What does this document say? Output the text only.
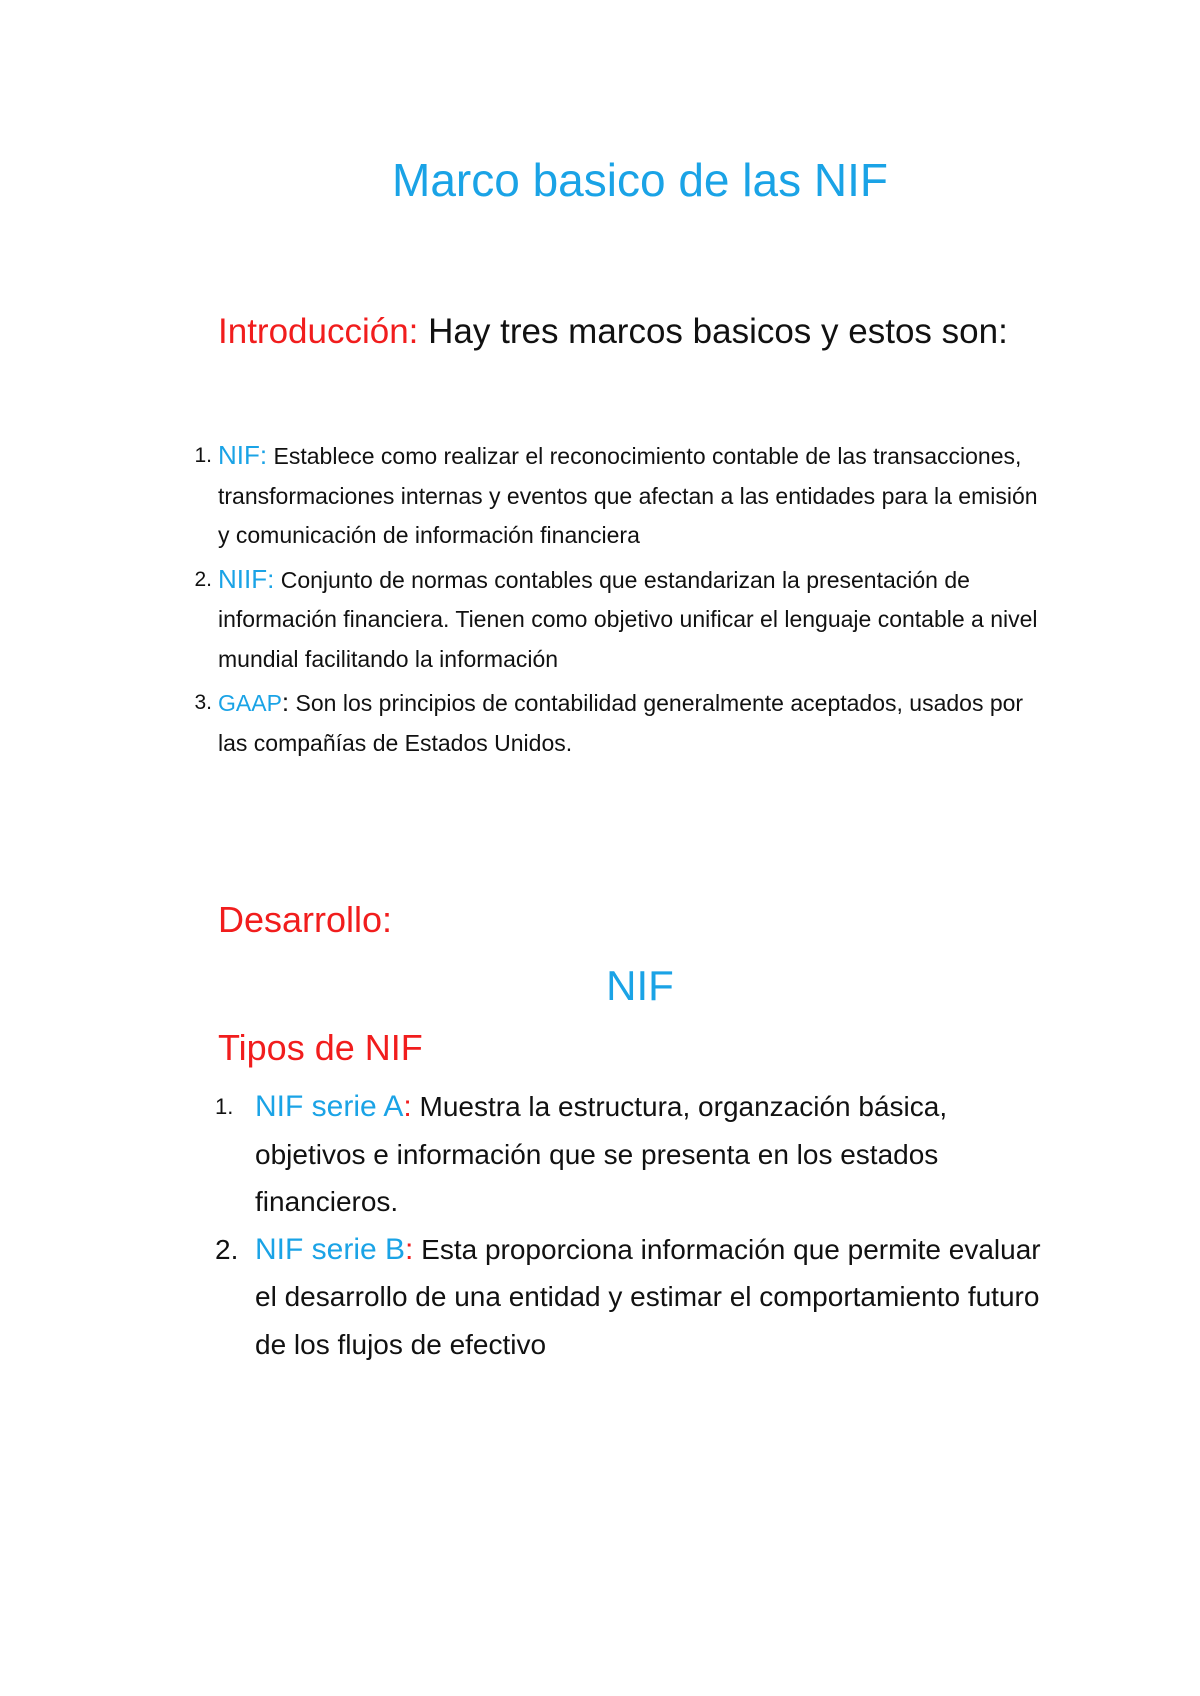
Marco basico de las NIF
Introducción: Hay tres marcos basicos y estos son:
1. NIF: Establece como realizar el reconocimiento contable de las transacciones, transformaciones internas y eventos que afectan a las entidades para la emisión y comunicación de información financiera
2. NIIF: Conjunto de normas contables que estandarizan la presentación de información financiera. Tienen como objetivo unificar el lenguaje contable a nivel mundial facilitando la información
3. GAAP: Son los principios de contabilidad generalmente aceptados, usados por las compañías de Estados Unidos.
Desarrollo:
NIF
Tipos de NIF
1. NIF serie A: Muestra la estructura, organzación básica, objetivos e información que se presenta en los estados financieros.
2. NIF serie B: Esta proporciona información que permite evaluar el desarrollo de una entidad y estimar el comportamiento futuro de los flujos de efectivo
